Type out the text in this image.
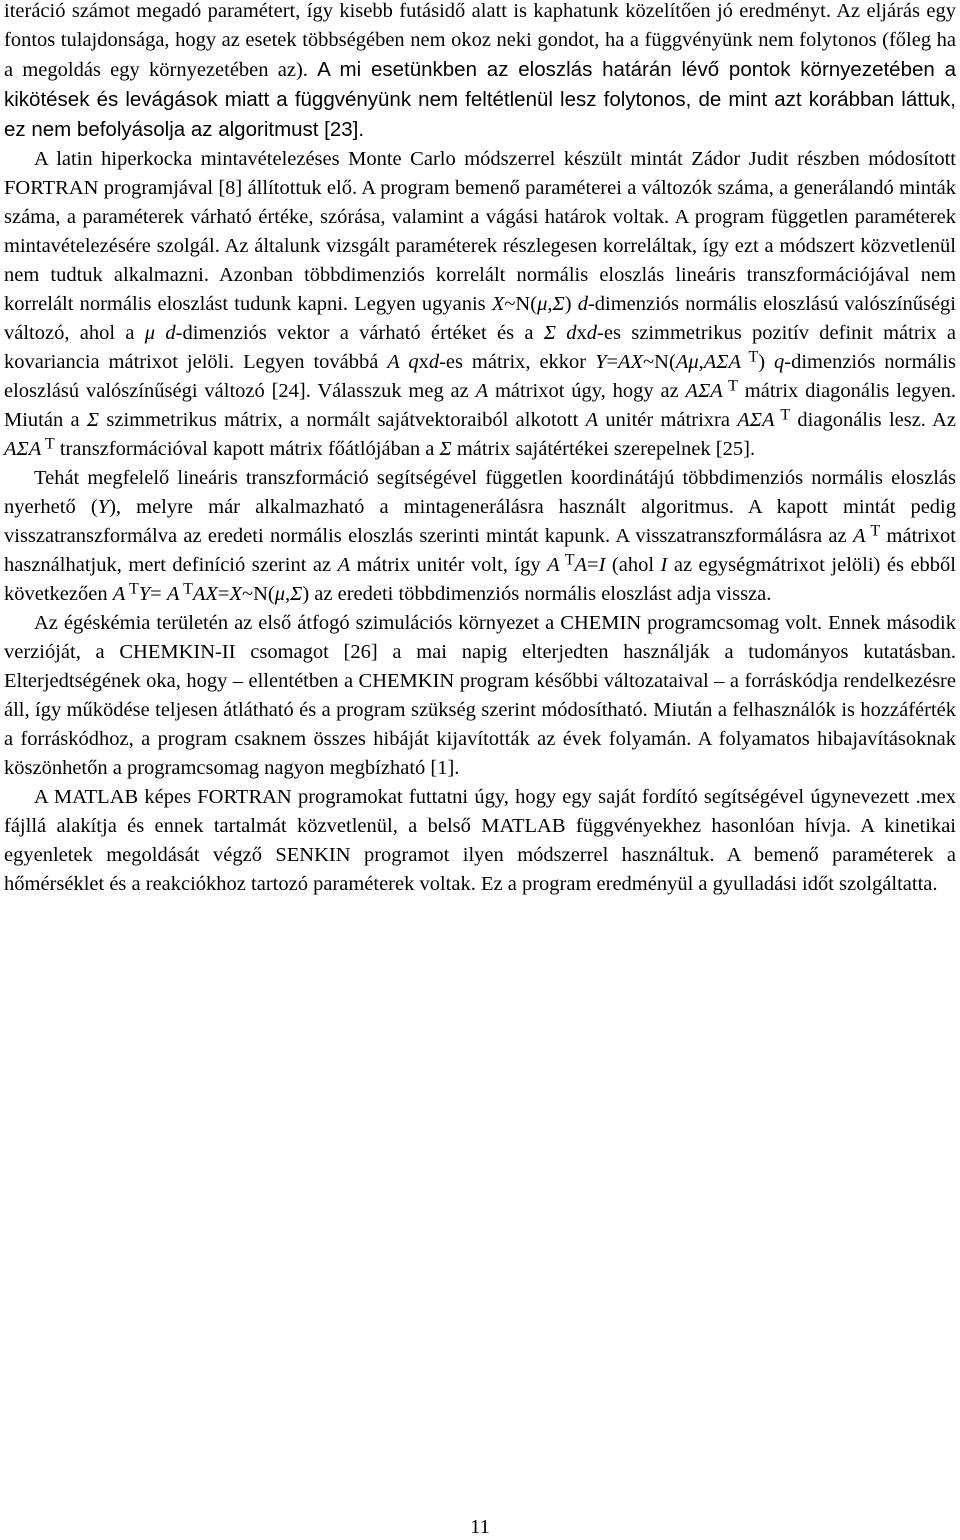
iteráció számot megadó paramétert, így kisebb futásidő alatt is kaphatunk közelítően jó eredményt. Az eljárás egy fontos tulajdonsága, hogy az esetek többségében nem okoz neki gondot, ha a függvényünk nem folytonos (főleg ha a megoldás egy környezetében az). A mi esetünkben az eloszlás határán lévő pontok környezetében a kikötések és levágások miatt a függvényünk nem feltétlenül lesz folytonos, de mint azt korábban láttuk, ez nem befolyásolja az algoritmust [23].

A latin hiperkocka mintavételezéses Monte Carlo módszerrel készült mintát Zádor Judit részben módosított FORTRAN programjával [8] állítottuk elő. A program bemenő paraméterei a változók száma, a generálandó minták száma, a paraméterek várható értéke, szórása, valamint a vágási határok voltak. A program független paraméterek mintavételezésére szolgál. Az általunk vizsgált paraméterek részlegesen korreláltak, így ezt a módszert közvetlenül nem tudtuk alkalmazni. Azonban többdimenziós korrelált normális eloszlás lineáris transzformációjával nem korrelált normális eloszlást tudunk kapni. Legyen ugyanis X~N(μ,Σ) d-dimenziós normális eloszlású valószínűségi változó, ahol a μ d-dimenziós vektor a várható értéket és a Σ dxd-es szimmetrikus pozitív definit mátrix a kovariancia mátrixot jelöli. Legyen továbbá A qxd-es mátrix, ekkor Y=AX~N(Aμ,AΣA $^T$) q-dimenziós normális eloszlású valószínűségi változó [24]. Válasszuk meg az A mátrixot úgy, hogy az AΣA $^T$ mátrix diagonális legyen. Miután a Σ szimmetrikus mátrix, a normált sajátvektoraiból alkotott A unitér mátrixra AΣA $^T$ diagonális lesz. Az AΣA $^T$ transzformációval kapott mátrix főátlójában a Σ mátrix sajátértékei szerepelnek [25].

Tehát megfelelő lineáris transzformáció segítségével független koordinátájú többdimenziós normális eloszlás nyerhető (Y), melyre már alkalmazható a mintagenerálásra használt algoritmus. A kapott mintát pedig visszatranszformálva az eredeti normális eloszlás szerinti mintát kapunk. A visszatranszformálásra az A $^T$ mátrixot használhatjuk, mert definíció szerint az A mátrix unitér volt, így A $^T$A=I (ahol I az egységmátrixot jelöli) és ebből következően A $^T$Y= A $^T$AX=X~N(μ,Σ) az eredeti többdimenziós normális eloszlást adja vissza.

Az égéskémia területén az első átfogó szimulációs környezet a CHEMIN programcsomag volt. Ennek második verzióját, a CHEMKIN-II csomagot [26] a mai napig elterjedten használják a tudományos kutatásban. Elterjedtségének oka, hogy – ellentétben a CHEMKIN program későbbi változataival – a forráskódja rendelkezésre áll, így működése teljesen átlátható és a program szükség szerint módosítható. Miután a felhasználók is hozzáférték a forráskódhoz, a program csaknem összes hibáját kijavították az évek folyamán. A folyamatos hibajavításoknak köszönhetőn a programcsomag nagyon megbízható [1].

A MATLAB képes FORTRAN programokat futtatni úgy, hogy egy saját fordító segítségével úgynevezett .mex fájllá alakítja és ennek tartalmát közvetlenül, a belső MATLAB függvényekhez hasonlóan hívja. A kinetikai egyenletek megoldását végző SENKIN programot ilyen módszerrel használtuk. A bemenő paraméterek a hőmérséklet és a reakciókhoz tartozó paraméterek voltak. Ez a program eredményül a gyulladási időt szolgáltatta.

11
